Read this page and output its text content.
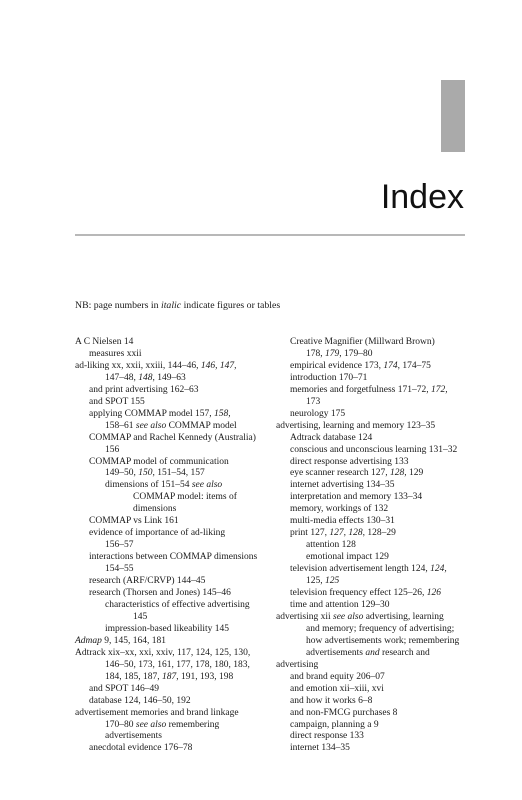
Index
NB: page numbers in italic indicate figures or tables
A C Nielsen 14
measures xxii
ad-liking xx, xxii, xxiii, 144–46, 146, 147,
147–48, 148, 149–63
and print advertising 162–63
and SPOT 155
applying COMMAP model 157, 158,
158–61 see also COMMAP model
COMMAP and Rachel Kennedy (Australia)
156
COMMAP model of communication
149–50, 150, 151–54, 157
dimensions of 151–54 see also
COMMAP model: items of
dimensions
COMMAP vs Link 161
evidence of importance of ad-liking
156–57
interactions between COMMAP dimensions
154–55
research (ARF/CRVP) 144–45
research (Thorsen and Jones) 145–46
characteristics of effective advertising
145
impression-based likeability 145
Admap 9, 145, 164, 181
Adtrack xix–xx, xxi, xxiv, 117, 124, 125, 130,
146–50, 173, 161, 177, 178, 180, 183,
184, 185, 187, 187, 191, 193, 198
and SPOT 146–49
database 124, 146–50, 192
advertisement memories and brand linkage
170–80 see also remembering
advertisements
anecdotal evidence 176–78
Creative Magnifier (Millward Brown)
178, 179, 179–80
empirical evidence 173, 174, 174–75
introduction 170–71
memories and forgetfulness 171–72, 172,
173
neurology 175
advertising, learning and memory 123–35
Adtrack database 124
conscious and unconscious learning 131–32
direct response advertising 133
eye scanner research 127, 128, 129
internet advertising 134–35
interpretation and memory 133–34
memory, workings of 132
multi-media effects 130–31
print 127, 127, 128, 128–29
attention 128
emotional impact 129
television advertisement length 124, 124,
125, 125
television frequency effect 125–26, 126
time and attention 129–30
advertising xii see also advertising, learning
and memory; frequency of advertising;
how advertisements work; remembering
advertisements and research and
advertising
and brand equity 206–07
and emotion xii–xiii, xvi
and how it works 6–8
and non-FMCG purchases 8
campaign, planning a 9
direct response 133
internet 134–35
